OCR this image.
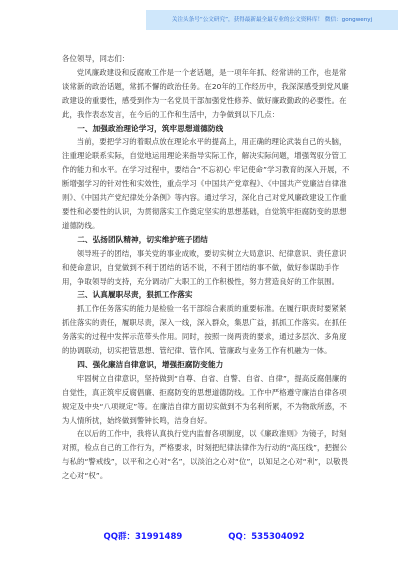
关注头条号“公文研究”，获得最新最全最专业的公文资料库！ 微信：gongwenyj

各位领导，同志们：

党风廉政建设和反腐败工作是一个老话题，是一项年年抓、经常讲的工作，也是常谈常新的政治话题，常抓不懈的政治任务。在20年的工作经历中，我深深感受到党风廉政建设的重要性，感受到作为一名党员干部加强党性修养、做好廉政勤政的必要性。在此，我作表态发言，在今后的工作和生活中，力争做到以下几点：

一、加强政治理论学习，筑牢思想道德防线

当前，要把学习的着眼点放在理论水平的提高上，用正确的理论武装自己的头脑，注重理论联系实际，自觉地运用理论来指导实际工作，解决实际问题，增强驾驭分管工作的能力和水平。在学习过程中，要结合“不忘初心 牢记使命”学习教育的深入开展，不断增强学习的针对性和实效性，重点学习《中国共产党章程》、《中国共产党廉洁自律准则》、《中国共产党纪律处分条例》等内容。通过学习，深化自己对党风廉政建设工作重要性和必要性的认识，为贯彻落实工作奠定坚实的思想基础，自觉筑牢拒腐防变的思想道德防线。

二、弘扬团队精神，切实维护班子团结

领导班子的团结，事关党的事业成败，要切实树立大局意识、纪律意识、责任意识和使命意识，自觉做到不利于团结的话不说，不利于团结的事不做，做好参谋助手作用，争取领导的支持，充分调动广大职工的工作积极性，努力营造良好的工作氛围。

三、认真履职尽责，狠抓工作落实

抓工作任务落实的能力是检验一名干部综合素质的重要标准。在履行职责时要紧紧抓住落实的责任，履职尽责，深入一线，深入群众，集思广益，抓抓工作落实。在抓任务落实的过程中发挥示范带头作用。同时，按照一岗两责的要求，通过多层次、多角度的协调联动，切实把管思想、管纪律、管作风、管廉政与业务工作有机融为一体。

四、强化廉洁自律意识，增强拒腐防变能力

牢固树立自律意识，坚持做到“自尊、自省、自警、自省、自律”，提高反腐倡廉的自觉性，真正筑牢反腐倡廉、拒腐防变的思想道德防线。工作中严格遵守廉洁自律各项规定及中央“八项规定”等。在廉洁自律方面切实做到不为名利所累，不为物欲所惑，不为人情所扰，始终做到警钟长鸣，洁身自好。

在以后的工作中，我将认真执行党内监督各项制度，以《廉政准则》为镜子，时刻对照，检点自己的工作行为，严格要求，时刻把纪律法律作为行动的“高压线”，把握公与私的“警戒线”，以平和之心对“名”，以淡泊之心对“位”，以知足之心对“利”，以敬畏之心对“权”。

QQ群：31991489	QQ：535304092
